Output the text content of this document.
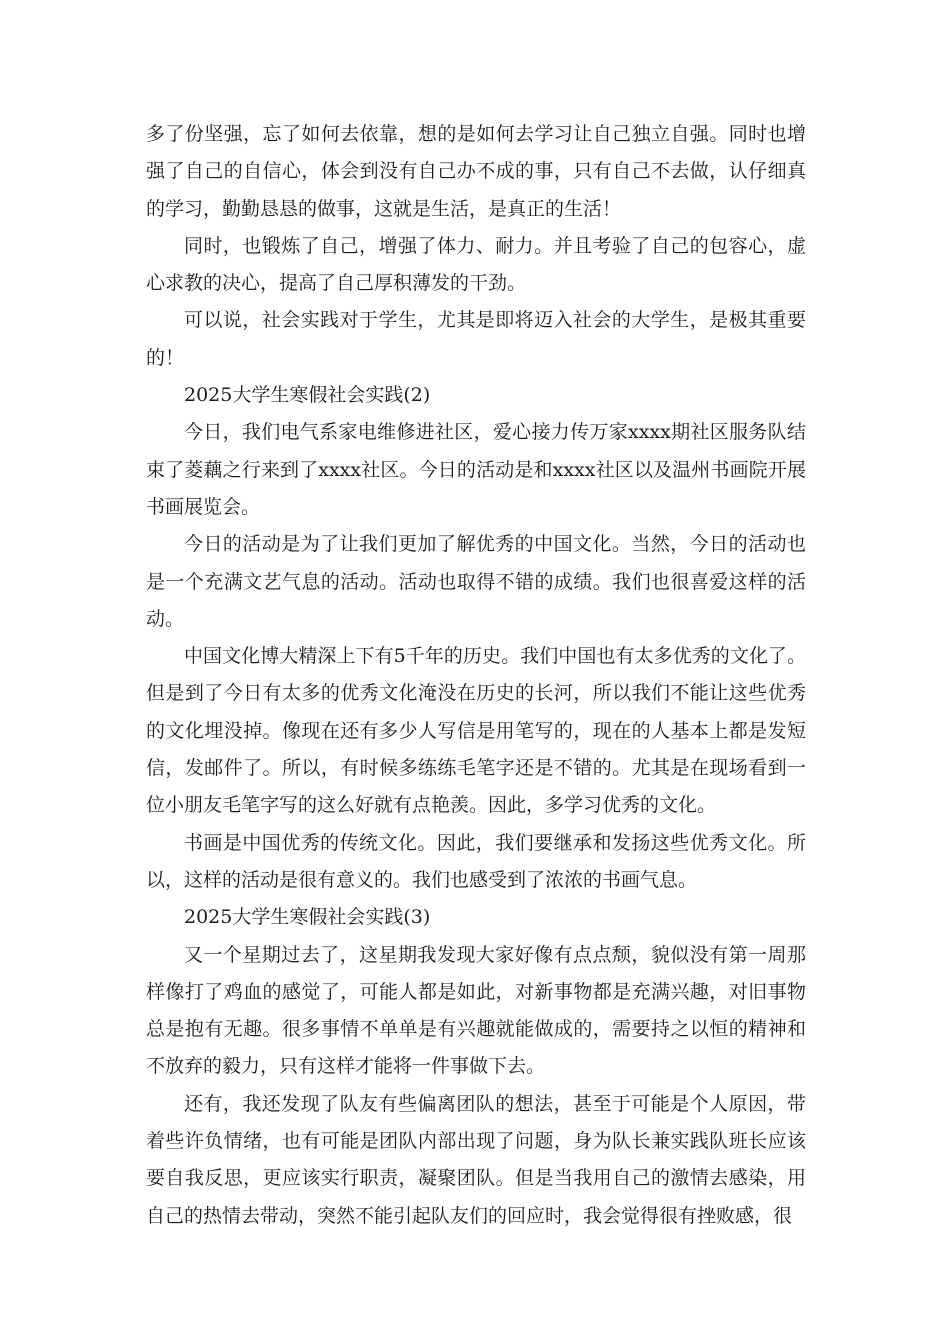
多了份坚强，忘了如何去依靠，想的是如何去学习让自己独立自强。同时也增强了自己的自信心，体会到没有自己办不成的事，只有自己不去做，认仔细真的学习，勤勤恳恳的做事，这就是生活，是真正的生活！

同时，也锻炼了自己，增强了体力、耐力。并且考验了自己的包容心，虚心求教的决心，提高了自己厚积薄发的干劲。

可以说，社会实践对于学生，尤其是即将迈入社会的大学生，是极其重要的！

2025大学生寒假社会实践(2)

今日，我们电气系家电维修进社区，爱心接力传万家xxxx期社区服务队结束了菱藕之行来到了xxxx社区。今日的活动是和xxxx社区以及温州书画院开展书画展览会。

今日的活动是为了让我们更加了解优秀的中国文化。当然，今日的活动也是一个充满文艺气息的活动。活动也取得不错的成绩。我们也很喜爱这样的活动。

中国文化博大精深上下有5千年的历史。我们中国也有太多优秀的文化了。但是到了今日有太多的优秀文化淹没在历史的长河，所以我们不能让这些优秀的文化埋没掉。像现在还有多少人写信是用笔写的，现在的人基本上都是发短信，发邮件了。所以，有时候多练练毛笔字还是不错的。尤其是在现场看到一位小朋友毛笔字写的这么好就有点艳羡。因此，多学习优秀的文化。

书画是中国优秀的传统文化。因此，我们要继承和发扬这些优秀文化。所以，这样的活动是很有意义的。我们也感受到了浓浓的书画气息。

2025大学生寒假社会实践(3)

又一个星期过去了，这星期我发现大家好像有点点颓，貌似没有第一周那样像打了鸡血的感觉了，可能人都是如此，对新事物都是充满兴趣，对旧事物总是抱有无趣。很多事情不单单是有兴趣就能做成的，需要持之以恒的精神和不放弃的毅力，只有这样才能将一件事做下去。

还有，我还发现了队友有些偏离团队的想法，甚至于可能是个人原因，带着些许负情绪，也有可能是团队内部出现了问题，身为队长兼实践队班长应该要自我反思，更应该实行职责，凝聚团队。但是当我用自己的激情去感染，用自己的热情去带动，突然不能引起队友们的回应时，我会觉得很有挫败感，很
